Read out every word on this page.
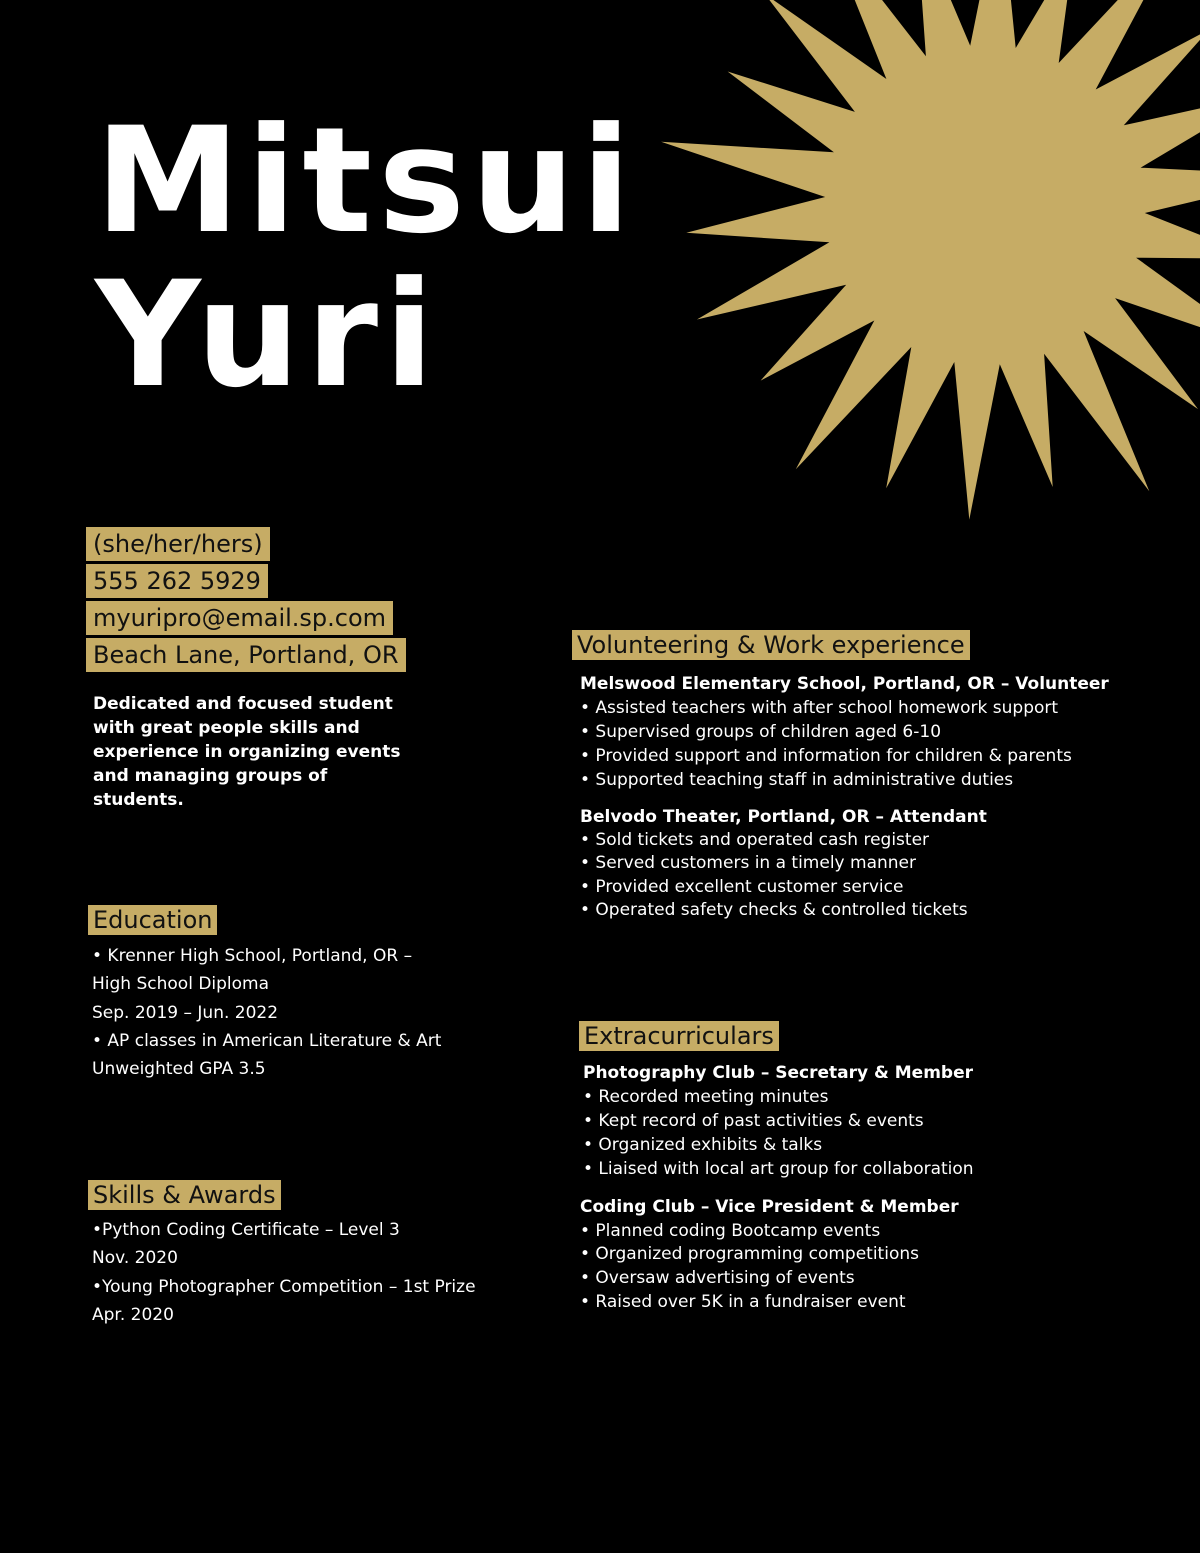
Mitsui
Yuri
(she/her/hers)
555 262 5929
myuripro@email.sp.com
Beach Lane, Portland, OR
Dedicated and focused student with great people skills and experience in organizing events and managing groups of students.
Education
• Krenner High School, Portland, OR –
High School Diploma
Sep. 2019 – Jun. 2022
• AP classes in American Literature & Art
Unweighted GPA 3.5
Skills & Awards
•Python Coding Certificate – Level 3
Nov. 2020
•Young Photographer Competition – 1st Prize
Apr. 2020
Volunteering & Work experience
Melswood Elementary School, Portland, OR – Volunteer
• Assisted teachers with after school homework support
• Supervised groups of children aged 6-10
• Provided support and information for children & parents
• Supported teaching staff in administrative duties
Belvodo Theater, Portland, OR – Attendant
• Sold tickets and operated cash register
• Served customers in a timely manner
• Provided excellent customer service
• Operated safety checks & controlled tickets
Extracurriculars
Photography Club – Secretary & Member
• Recorded meeting minutes
• Kept record of past activities & events
• Organized exhibits & talks
• Liaised with local art group for collaboration
Coding Club – Vice President & Member
• Planned coding Bootcamp events
• Organized programming competitions
• Oversaw advertising of events
• Raised over 5K in a fundraiser event
